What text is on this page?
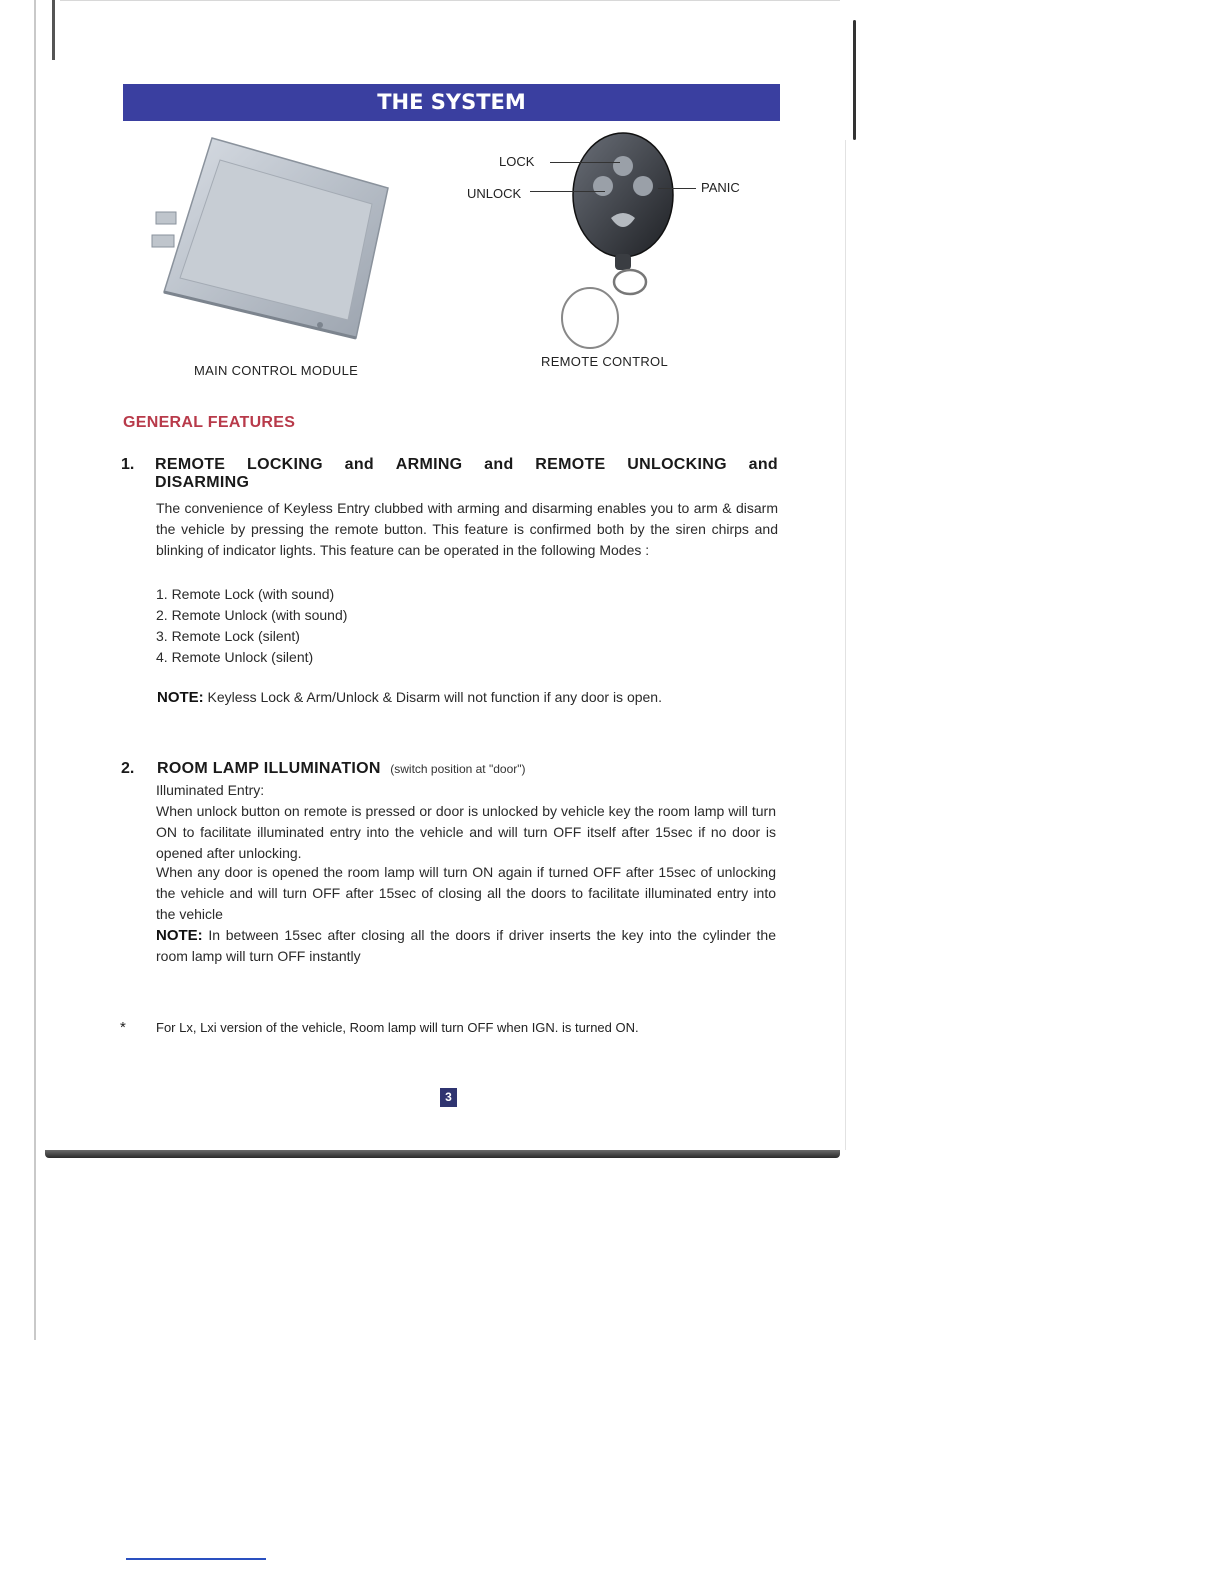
THE SYSTEM
MAIN CONTROL MODULE
LOCK
UNLOCK	PANIC
REMOTE CONTROL
GENERAL FEATURES
1. REMOTE LOCKING and ARMING and REMOTE UNLOCKING and
DISARMING
The convenience of Keyless Entry clubbed with arming and disarming enables you to arm & disarm the vehicle by pressing the remote button. This feature is confirmed both by the siren chirps and blinking of indicator lights. This feature can be operated in the following Modes :
1. Remote Lock (with sound)
2. Remote Unlock (with sound)
3. Remote Lock (silent)
4. Remote Unlock (silent)
NOTE: Keyless Lock & Arm/Unlock & Disarm will not function if any door is open.
2. ROOM LAMP ILLUMINATION (switch position at "door")
Illuminated Entry:
When unlock button on remote is pressed or door is unlocked by vehicle key the room lamp will turn ON to facilitate illuminated entry into the vehicle and will turn OFF itself after 15sec if no door is opened after unlocking.
When any door is opened the room lamp will turn ON again if turned OFF after 15sec of unlocking the vehicle and will turn OFF after 15sec of closing all the doors to facilitate illuminated entry into the vehicle
NOTE: In between 15sec after closing all the doors if driver inserts the key into the cylinder the room lamp will turn OFF instantly
* For Lx, Lxi version of the vehicle, Room lamp will turn OFF when IGN. is turned ON.
3
